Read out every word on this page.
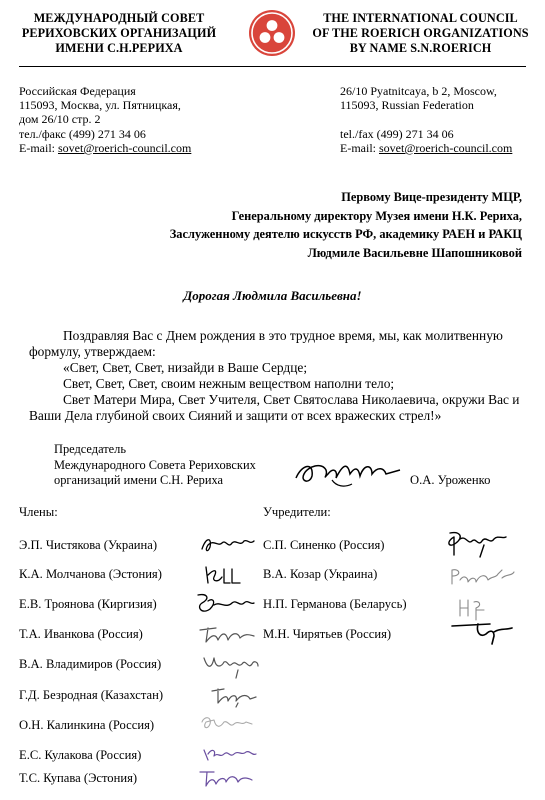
МЕЖДУНАРОДНЫЙ СОВЕТ
РЕРИХОВСКИХ ОРГАНИЗАЦИЙ
ИМЕНИ С.Н.РЕРИХА
THE INTERNATIONAL COUNCIL
OF THE ROERICH ORGANIZATIONS
BY NAME S.N.ROERICH
Российская Федерация
115093, Москва, ул. Пятницкая,
дом 26/10 стр. 2
тел./факс (499) 271 34 06
E-mail: sovet@roerich-council.com
26/10 Pyatnitcaya, b 2, Moscow,
115093, Russian Federation

tel./fax (499) 271 34 06
E-mail: sovet@roerich-council.com
Первому Вице-президенту МЦР,
Генеральному директору Музея имени Н.К. Рериха,
Заслуженному деятелю искусств РФ, академику РАЕН и РАКЦ
Людмиле Васильевне Шапошниковой
Дорогая Людмила Васильевна!

Поздравляя Вас с Днем рождения в это трудное время, мы, как молитвенную формулу, утверждаем:

«Свет, Свет, Свет, низайди в Ваше Сердце;

Свет, Свет, Свет, своим нежным веществом наполни тело;

Свет Матери Мира, Свет Учителя, Свет Святослава Николаевича, окружи Вас и Ваши Дела глубиной своих Сияний и защити от всех вражеских стрел!»

Председатель
Международного Совета Рериховских
организаций имени С.Н. Рериха	О.А. Уроженко
Члены:	Учредители:
Э.П. Чистякова (Украина)
К.А. Молчанова (Эстония)
Е.В. Троянова (Киргизия)
Т.А. Иванкова (Россия)
В.А. Владимиров (Россия)
Г.Д. Безродная (Казахстан)
О.Н. Калинкина (Россия)
Е.С. Кулакова (Россия)
Т.С. Купава (Эстония)
С.П. Синенко (Россия)
В.А. Козар (Украина)
Н.П. Германова (Беларусь)
М.Н. Чирятьев (Россия)
